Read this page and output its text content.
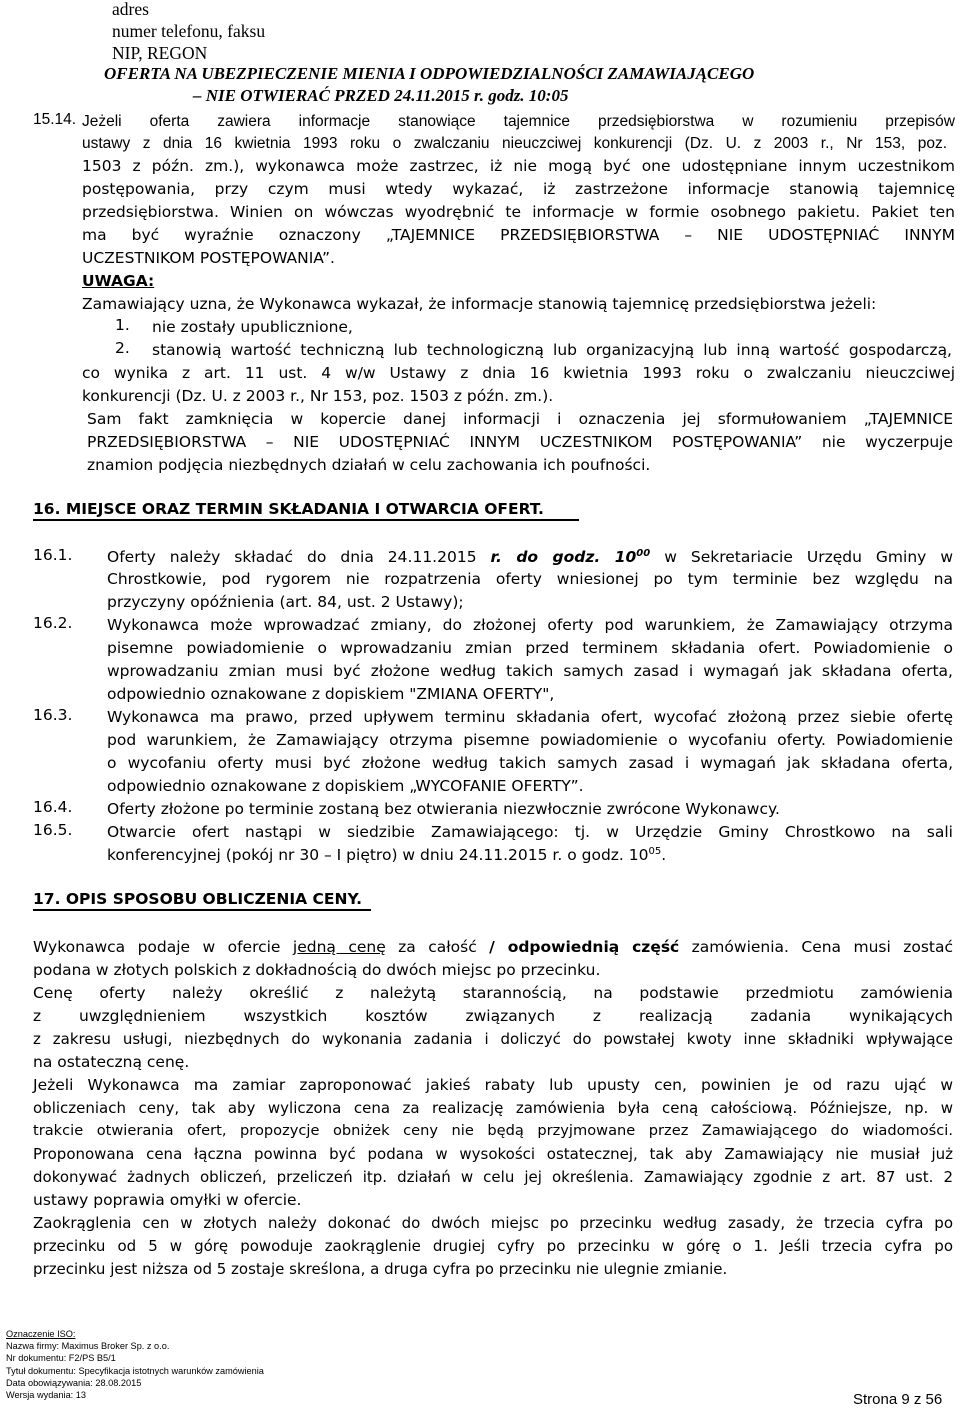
adres
numer telefonu, faksu
NIP, REGON
OFERTA NA UBEZPIECZENIE MIENIA I ODPOWIEDZIALNOŚCI ZAMAWIAJĄCEGO
– NIE OTWIERAĆ PRZED 24.11.2015 r. godz. 10:05
15.14. Jeżeli oferta zawiera informacje stanowiące tajemnice przedsiębiorstwa w rozumieniu przepisów
ustawy z dnia 16 kwietnia 1993 roku o zwalczaniu nieuczciwej konkurencji (Dz. U. z 2003 r., Nr 153, poz.
1503 z późn. zm.), wykonawca może zastrzec, iż nie mogą być one udostępniane innym uczestnikom
postępowania, przy czym musi wtedy wykazać, iż zastrzeżone informacje stanowią tajemnicę
przedsiębiorstwa. Winien on wówczas wyodrębnić te informacje w formie osobnego pakietu. Pakiet ten
ma być wyraźnie oznaczony „TAJEMNICE PRZEDSIĘBIORSTWA – NIE UDOSTĘPNIAĆ INNYM
UCZESTNIKOM POSTĘPOWANIA”.
UWAGA:
Zamawiający uzna, że Wykonawca wykazał, że informacje stanowią tajemnicę przedsiębiorstwa jeżeli:
1. nie zostały upublicznione,
2. stanowią wartość techniczną lub technologiczną lub organizacyjną lub inną wartość gospodarczą,
co wynika z art. 11 ust. 4 w/w Ustawy z dnia 16 kwietnia 1993 roku o zwalczaniu nieuczciwej
konkurencji (Dz. U. z 2003 r., Nr 153, poz. 1503 z późn. zm.).
Sam fakt zamknięcia w kopercie danej informacji i oznaczenia jej sformułowaniem „TAJEMNICE
PRZEDSIĘBIORSTWA – NIE UDOSTĘPNIAĆ INNYM UCZESTNIKOM POSTĘPOWANIA” nie wyczerpuje
znamion podjęcia niezbędnych działań w celu zachowania ich poufności.
16. MIEJSCE ORAZ TERMIN SKŁADANIA I OTWARCIA OFERT.
16.1. Oferty należy składać do dnia 24.11.2015 r. do godz. $10^{00}$ w Sekretariacie Urzędu Gminy w
Chrostkowie, pod rygorem nie rozpatrzenia oferty wniesionej po tym terminie bez względu na
przyczyny opóźnienia (art. 84, ust. 2 Ustawy);
16.2. Wykonawca może wprowadzać zmiany, do złożonej oferty pod warunkiem, że Zamawiający otrzyma
pisemne powiadomienie o wprowadzaniu zmian przed terminem składania ofert. Powiadomienie o
wprowadzaniu zmian musi być złożone według takich samych zasad i wymagań jak składana oferta,
odpowiednio oznakowane z dopiskiem "ZMIANA OFERTY",
16.3. Wykonawca ma prawo, przed upływem terminu składania ofert, wycofać złożoną przez siebie ofertę
pod warunkiem, że Zamawiający otrzyma pisemne powiadomienie o wycofaniu oferty. Powiadomienie
o wycofaniu oferty musi być złożone według takich samych zasad i wymagań jak składana oferta,
odpowiednio oznakowane z dopiskiem „WYCOFANIE OFERTY”.
16.4. Oferty złożone po terminie zostaną bez otwierania niezwłocznie zwrócone Wykonawcy.
16.5. Otwarcie ofert nastąpi w siedzibie Zamawiającego: tj. w Urzędzie Gminy Chrostkowo na sali
konferencyjnej (pokój nr 30 – I piętro) w dniu 24.11.2015 r. o godz. $10^{05}$.
17. OPIS SPOSOBU OBLICZENIA CENY.
Wykonawca podaje w ofercie jedną cenę za całość / odpowiednią część zamówienia. Cena musi zostać
podana w złotych polskich z dokładnością do dwóch miejsc po przecinku.
Cenę oferty należy określić z należytą starannością, na podstawie przedmiotu zamówienia
z uwzględnieniem wszystkich kosztów związanych z realizacją zadania wynikających
z zakresu usługi, niezbędnych do wykonania zadania i doliczyć do powstałej kwoty inne składniki wpływające
na ostateczną cenę.
Jeżeli Wykonawca ma zamiar zaproponować jakieś rabaty lub upusty cen, powinien je od razu ująć w
obliczeniach ceny, tak aby wyliczona cena za realizację zamówienia była ceną całościową. Późniejsze, np. w
trakcie otwierania ofert, propozycje obniżek ceny nie będą przyjmowane przez Zamawiającego do wiadomości.
Proponowana cena łączna powinna być podana w wysokości ostatecznej, tak aby Zamawiający nie musiał już
dokonywać żadnych obliczeń, przeliczeń itp. działań w celu jej określenia. Zamawiający zgodnie z art. 87 ust. 2
ustawy poprawia omyłki w ofercie.
Zaokrąglenia cen w złotych należy dokonać do dwóch miejsc po przecinku według zasady, że trzecia cyfra po
przecinku od 5 w górę powoduje zaokrąglenie drugiej cyfry po przecinku w górę o 1. Jeśli trzecia cyfra po
przecinku jest niższa od 5 zostaje skreślona, a druga cyfra po przecinku nie ulegnie zmianie.
Oznaczenie ISO:
Nazwa firmy: Maximus Broker Sp. z o.o.
Nr dokumentu: F2/PS B5/1
Tytuł dokumentu: Specyfikacja istotnych warunków zamówienia
Data obowiązywania: 28.08.2015
Wersja wydania: 13	Strona 9 z 56
